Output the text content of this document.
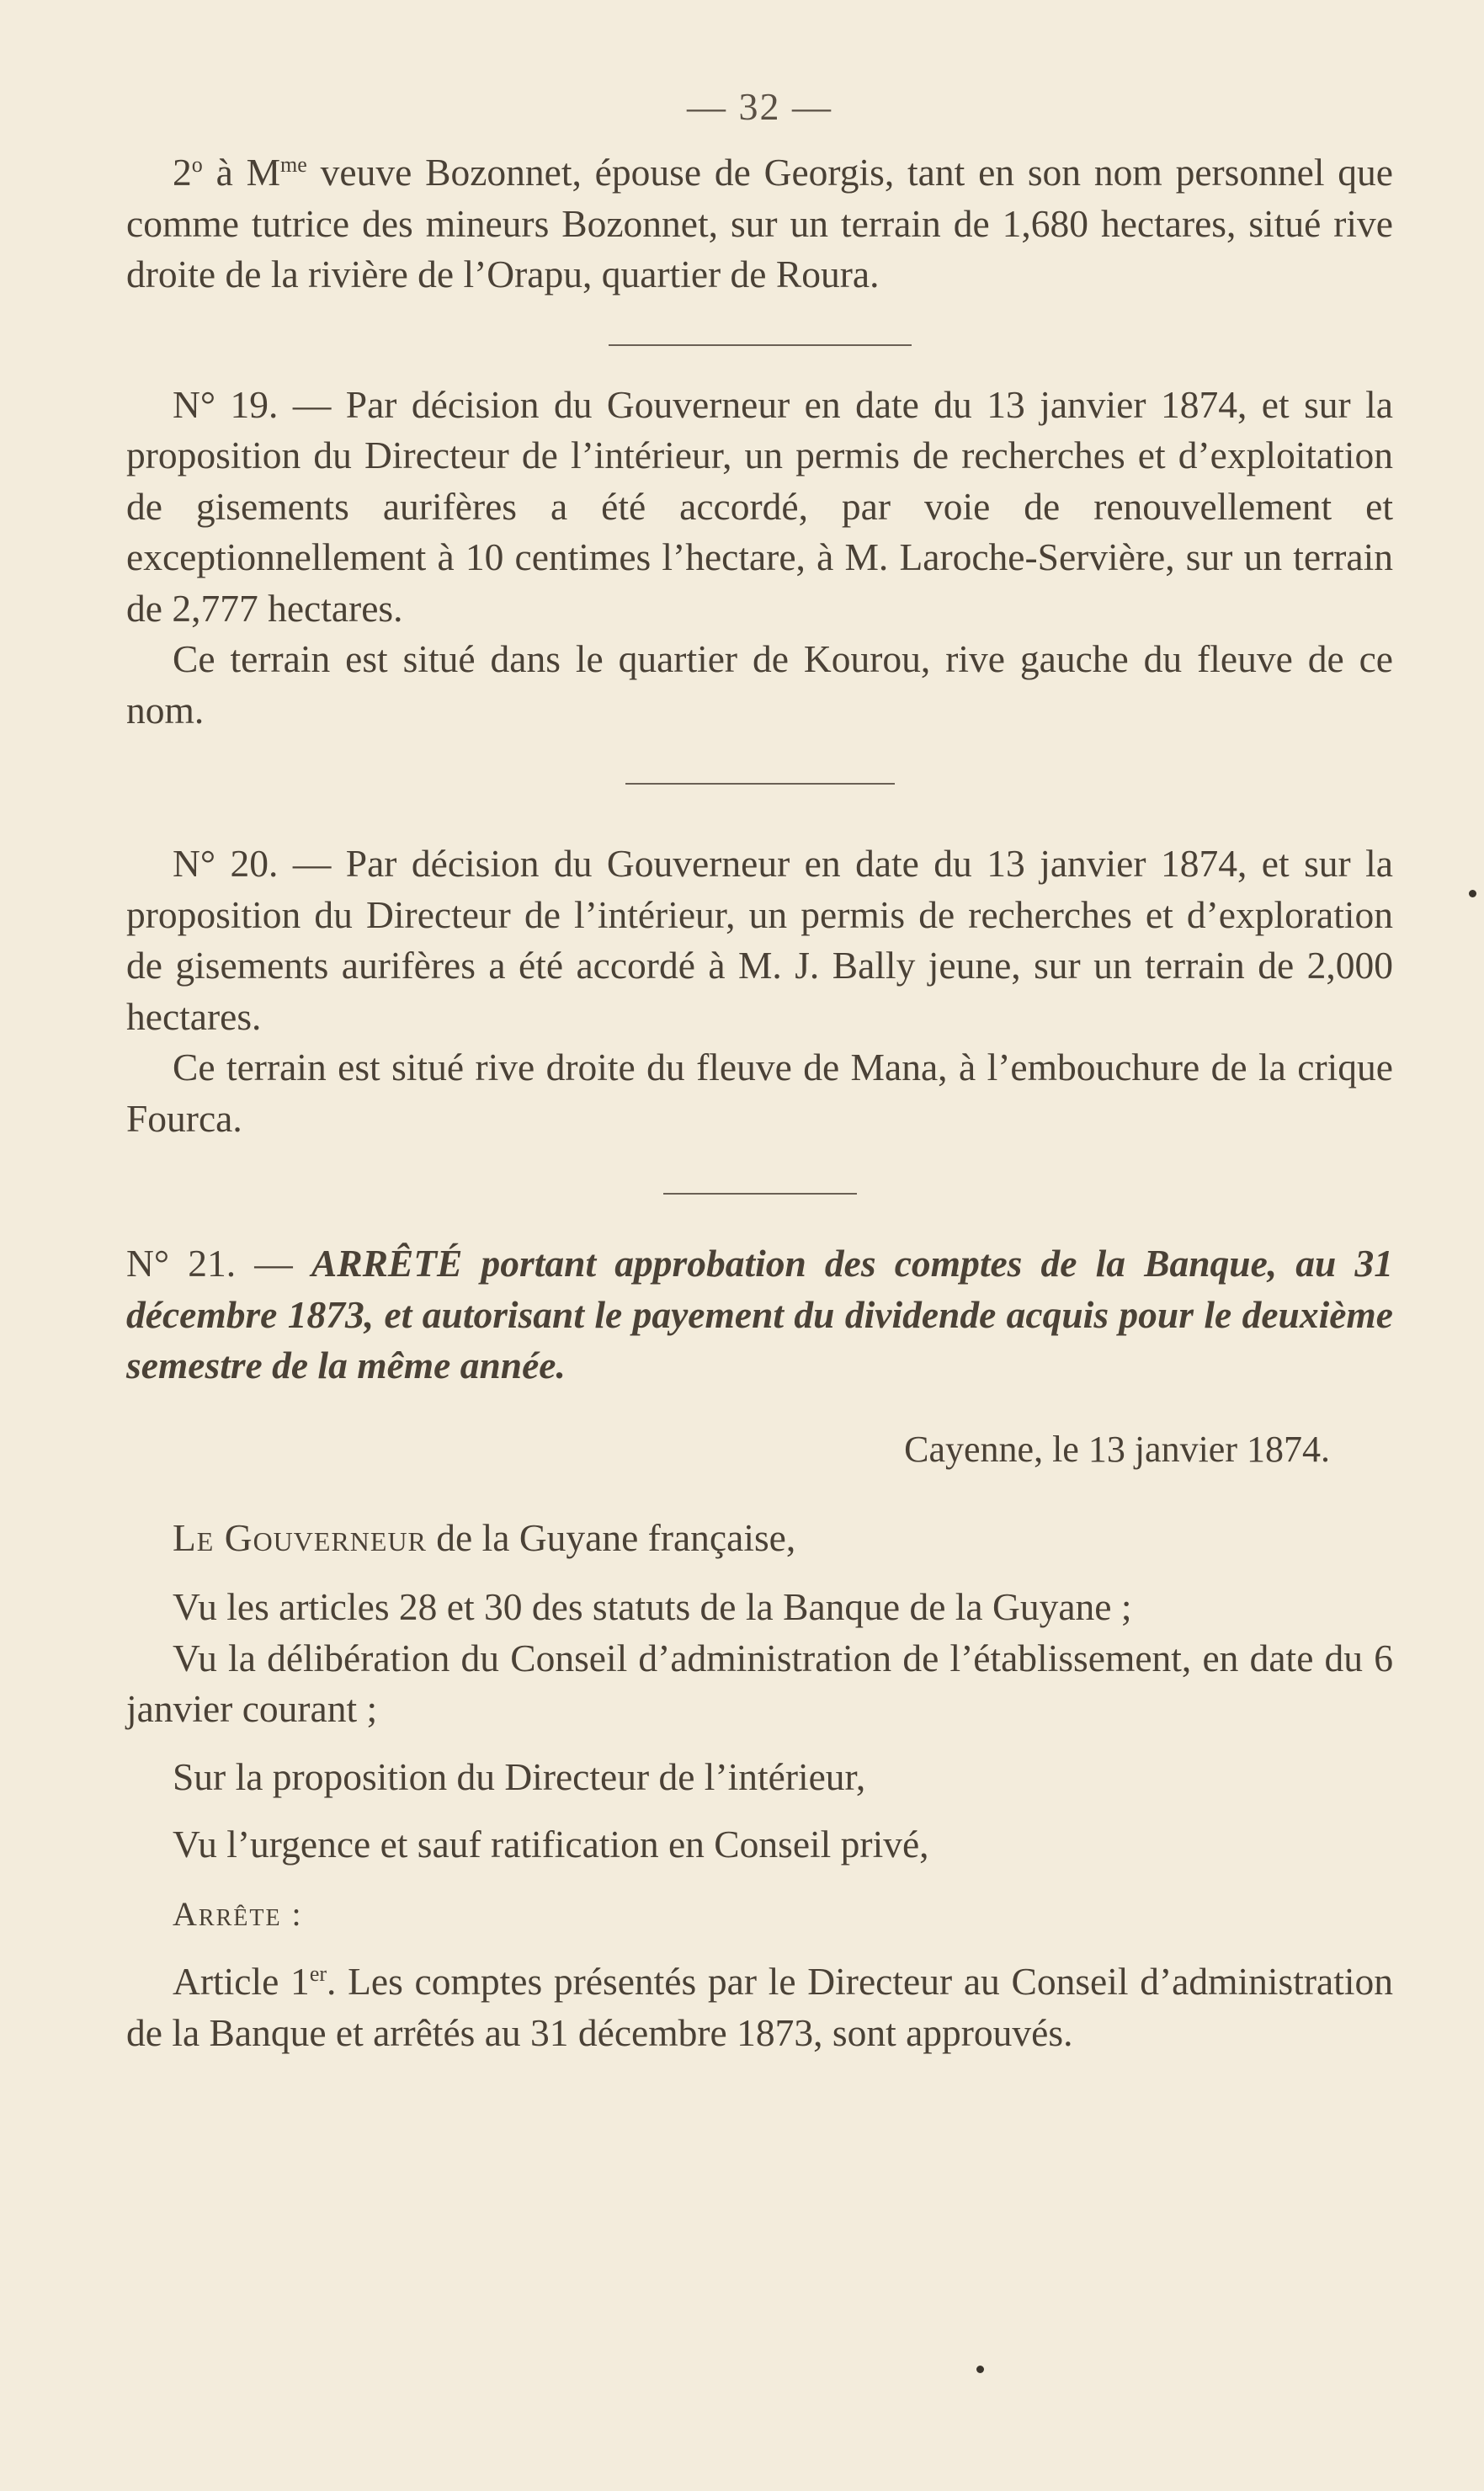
— 32 —

2$^o$ à $M^{me}$ veuve Bozonnet, épouse de Georgis, tant en son nom personnel que comme tutrice des mineurs Bozonnet, sur un terrain de 1,680 hectares, situé rive droite de la rivière de l’Orapu, quartier de Roura.

N° 19. — Par décision du Gouverneur en date du 13 janvier 1874, et sur la proposition du Directeur de l’intérieur, un permis de recherches et d’exploitation de gisements aurifères a été accordé, par voie de renouvellement et exceptionnellement à 10 centimes l’hectare, à M. Laroche-Servière, sur un terrain de 2,777 hectares.

Ce terrain est situé dans le quartier de Kourou, rive gauche du fleuve de ce nom.

N° 20. — Par décision du Gouverneur en date du 13 janvier 1874, et sur la proposition du Directeur de l’intérieur, un permis de recherches et d’exploration de gisements aurifères a été accordé à M. J. Bally jeune, sur un terrain de 2,000 hectares.

Ce terrain est situé rive droite du fleuve de Mana, à l’embouchure de la crique Fourca.

N° 21. — ARRÊTÉ portant approbation des comptes de la Banque, au 31 décembre 1873, et autorisant le payement du dividende acquis pour le deuxième semestre de la même année.

Cayenne, le 13 janvier 1874.

Le Gouverneur de la Guyane française,

Vu les articles 28 et 30 des statuts de la Banque de la Guyane ;

Vu la délibération du Conseil d’administration de l’établissement, en date du 6 janvier courant ;

Sur la proposition du Directeur de l’intérieur,

Vu l’urgence et sauf ratification en Conseil privé,

Arrête :

Article 1er. Les comptes présentés par le Directeur au Conseil d’administration de la Banque et arrêtés au 31 décembre 1873, sont approuvés.
